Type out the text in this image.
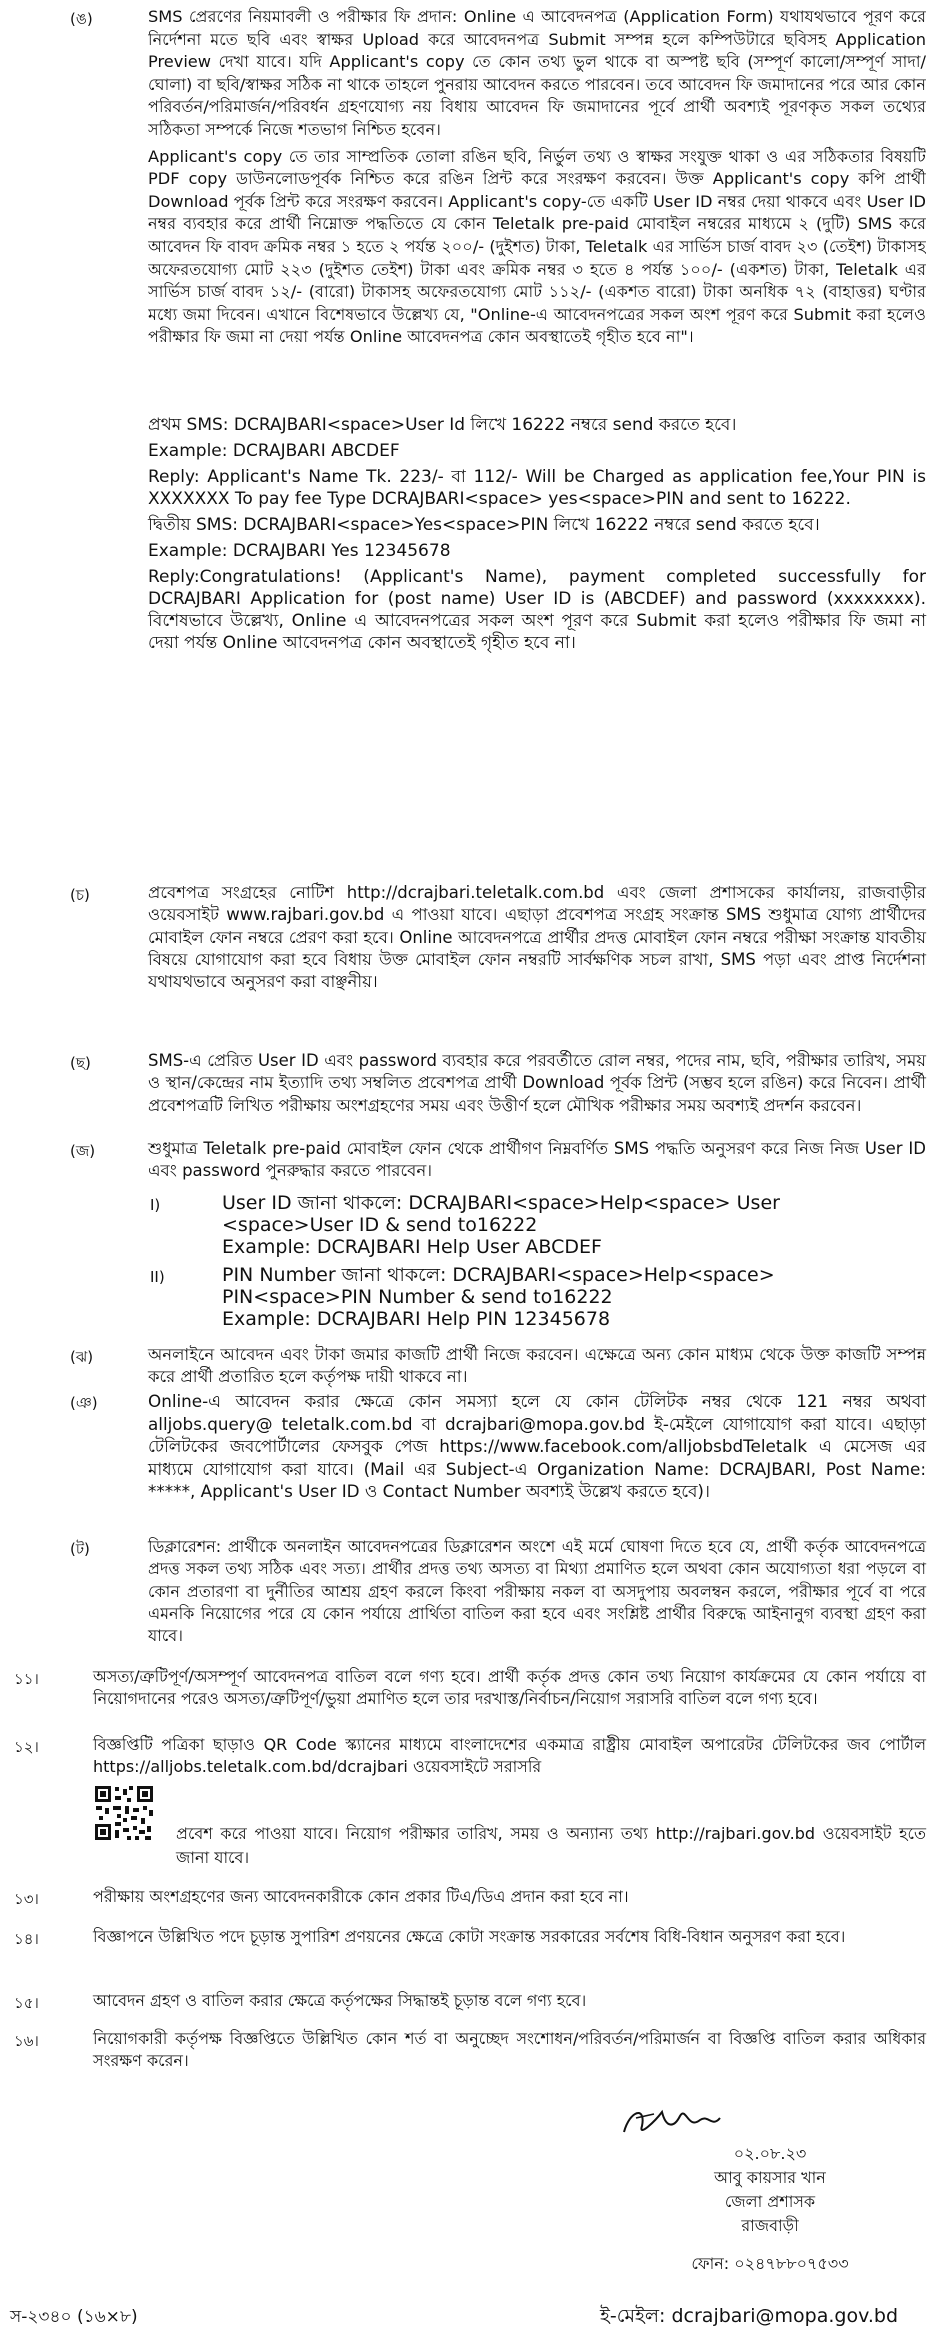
(ঙ)	SMS প্রেরণের নিয়মাবলী ও পরীক্ষার ফি প্রদান: Online এ আবেদনপত্র (Application Form) যথাযথভাবে পূরণ করে নির্দেশনা মতে ছবি এবং স্বাক্ষর Upload করে আবেদনপত্র Submit সম্পন্ন হলে কম্পিউটারে ছবিসহ Application Preview দেখা যাবে। যদি Applicant's copy তে কোন তথ্য ভুল থাকে বা অস্পষ্ট ছবি (সম্পূর্ণ কালো/সম্পূর্ণ সাদা/ঘোলা) বা ছবি/স্বাক্ষর সঠিক না থাকে তাহলে পুনরায় আবেদন করতে পারবেন। তবে আবেদন ফি জমাদানের পরে আর কোন পরিবর্তন/পরিমার্জন/পরিবর্ধন গ্রহণযোগ্য নয় বিধায় আবেদন ফি জমাদানের পূর্বে প্রার্থী অবশ্যই পূরণকৃত সকল তথ্যের সঠিকতা সম্পর্কে নিজে শতভাগ নিশ্চিত হবেন।

Applicant's copy তে তার সাম্প্রতিক তোলা রঙিন ছবি, নির্ভুল তথ্য ও স্বাক্ষর সংযুক্ত থাকা ও এর সঠিকতার বিষয়টি PDF copy ডাউনলোডপূর্বক নিশ্চিত করে রঙিন প্রিন্ট করে সংরক্ষণ করবেন। উক্ত Applicant's copy কপি প্রার্থী Download পূর্বক প্রিন্ট করে সংরক্ষণ করবেন। Applicant's copy-তে একটি User ID নম্বর দেয়া থাকবে এবং User ID নম্বর ব্যবহার করে প্রার্থী নিম্নোক্ত পদ্ধতিতে যে কোন Teletalk pre-paid মোবাইল নম্বরের মাধ্যমে ২ (দুটি) SMS করে আবেদন ফি বাবদ ক্রমিক নম্বর ১ হতে ২ পর্যন্ত ২০০/- (দুইশত) টাকা, Teletalk এর সার্ভিস চার্জ বাবদ ২৩ (তেইশ) টাকাসহ অফেরতযোগ্য মোট ২২৩ (দুইশত তেইশ) টাকা এবং ক্রমিক নম্বর ৩ হতে ৪ পর্যন্ত ১০০/- (একশত) টাকা, Teletalk এর সার্ভিস চার্জ বাবদ ১২/- (বারো) টাকাসহ অফেরতযোগ্য মোট ১১২/- (একশত বারো) টাকা অনধিক ৭২ (বাহাত্তর) ঘণ্টার মধ্যে জমা দিবেন। এখানে বিশেষভাবে উল্লেখ্য যে, "Online-এ আবেদনপত্রের সকল অংশ পূরণ করে Submit করা হলেও পরীক্ষার ফি জমা না দেয়া পর্যন্ত Online আবেদনপত্র কোন অবস্থাতেই গৃহীত হবে না"।

প্রথম SMS: DCRAJBARI<space>User Id লিখে 16222 নম্বরে send করতে হবে।

Example: DCRAJBARI ABCDEF

Reply: Applicant's Name Tk. 223/- বা 112/- Will be Charged as application fee,Your PIN is XXXXXXX To pay fee Type DCRAJBARI<space> yes<space>PIN and sent to 16222.

দ্বিতীয় SMS: DCRAJBARI<space>Yes<space>PIN লিখে 16222 নম্বরে send করতে হবে।

Example: DCRAJBARI Yes 12345678

Reply:Congratulations! (Applicant's Name), payment completed successfully for DCRAJBARI Application for (post name) User ID is (ABCDEF) and password (xxxxxxxx). বিশেষভাবে উল্লেখ্য, Online এ আবেদনপত্রের সকল অংশ পূরণ করে Submit করা হলেও পরীক্ষার ফি জমা না দেয়া পর্যন্ত Online আবেদনপত্র কোন অবস্থাতেই গৃহীত হবে না।

(চ)	প্রবেশপত্র সংগ্রহের নোটিশ http://dcrajbari.teletalk.com.bd এবং জেলা প্রশাসকের কার্যালয়, রাজবাড়ীর ওয়েবসাইট www.rajbari.gov.bd এ পাওয়া যাবে। এছাড়া প্রবেশপত্র সংগ্রহ সংক্রান্ত SMS শুধুমাত্র যোগ্য প্রার্থীদের মোবাইল ফোন নম্বরে প্রেরণ করা হবে। Online আবেদনপত্রে প্রার্থীর প্রদত্ত মোবাইল ফোন নম্বরে পরীক্ষা সংক্রান্ত যাবতীয় বিষয়ে যোগাযোগ করা হবে বিধায় উক্ত মোবাইল ফোন নম্বরটি সার্বক্ষণিক সচল রাখা, SMS পড়া এবং প্রাপ্ত নির্দেশনা যথাযথভাবে অনুসরণ করা বাঞ্ছনীয়।

(ছ)	SMS-এ প্রেরিত User ID এবং password ব্যবহার করে পরবর্তীতে রোল নম্বর, পদের নাম, ছবি, পরীক্ষার তারিখ, সময় ও স্থান/কেন্দ্রের নাম ইত্যাদি তথ্য সম্বলিত প্রবেশপত্র প্রার্থী Download পূর্বক প্রিন্ট (সম্ভব হলে রঙিন) করে নিবেন। প্রার্থী প্রবেশপত্রটি লিখিত পরীক্ষায় অংশগ্রহণের সময় এবং উত্তীর্ণ হলে মৌখিক পরীক্ষার সময় অবশ্যই প্রদর্শন করবেন।

(জ)	শুধুমাত্র Teletalk pre-paid মোবাইল ফোন থেকে প্রার্থীগণ নিম্নবর্ণিত SMS পদ্ধতি অনুসরণ করে নিজ নিজ User ID এবং password পুনরুদ্ধার করতে পারবেন।

I)	User ID জানা থাকলে: DCRAJBARI<space>Help<space> User
<space>User ID & send to16222
Example: DCRAJBARI Help User ABCDEF
II)	PIN Number জানা থাকলে: DCRAJBARI<space>Help<space>
PIN<space>PIN Number & send to16222
Example: DCRAJBARI Help PIN 12345678
(ঝ)	অনলাইনে আবেদন এবং টাকা জমার কাজটি প্রার্থী নিজে করবেন। এক্ষেত্রে অন্য কোন মাধ্যম থেকে উক্ত কাজটি সম্পন্ন করে প্রার্থী প্রতারিত হলে কর্তৃপক্ষ দায়ী থাকবে না।

(ঞ)	Online-এ আবেদন করার ক্ষেত্রে কোন সমস্যা হলে যে কোন টেলিটক নম্বর থেকে 121 নম্বর অথবা alljobs.query@ teletalk.com.bd বা dcrajbari@mopa.gov.bd ই-মেইলে যোগাযোগ করা যাবে। এছাড়া টেলিটকের জবপোর্টালের ফেসবুক পেজ https://www.facebook.com/alljobsbdTeletalk এ মেসেজ এর মাধ্যমে যোগাযোগ করা যাবে। (Mail এর Subject-এ Organization Name: DCRAJBARI, Post Name: *****, Applicant's User ID ও Contact Number অবশ্যই উল্লেখ করতে হবে)।

(ট)	ডিক্লারেশন: প্রার্থীকে অনলাইন আবেদনপত্রের ডিক্লারেশন অংশে এই মর্মে ঘোষণা দিতে হবে যে, প্রার্থী কর্তৃক আবেদনপত্রে প্রদত্ত সকল তথ্য সঠিক এবং সত্য। প্রার্থীর প্রদত্ত তথ্য অসত্য বা মিথ্যা প্রমাণিত হলে অথবা কোন অযোগ্যতা ধরা পড়লে বা কোন প্রতারণা বা দুর্নীতির আশ্রয় গ্রহণ করলে কিংবা পরীক্ষায় নকল বা অসদুপায় অবলম্বন করলে, পরীক্ষার পূর্বে বা পরে এমনকি নিয়োগের পরে যে কোন পর্যায়ে প্রার্থিতা বাতিল করা হবে এবং সংশ্লিষ্ট প্রার্থীর বিরুদ্ধে আইনানুগ ব্যবস্থা গ্রহণ করা যাবে।

১১।	অসত্য/ত্রুটিপূর্ণ/অসম্পূর্ণ আবেদনপত্র বাতিল বলে গণ্য হবে। প্রার্থী কর্তৃক প্রদত্ত কোন তথ্য নিয়োগ কার্যক্রমের যে কোন পর্যায়ে বা নিয়োগদানের পরেও অসত্য/ত্রুটিপূর্ণ/ভুয়া প্রমাণিত হলে তার দরখাস্ত/নির্বাচন/নিয়োগ সরাসরি বাতিল বলে গণ্য হবে।

১২।	বিজ্ঞপ্তিটি পত্রিকা ছাড়াও QR Code স্ক্যানের মাধ্যমে বাংলাদেশের একমাত্র রাষ্ট্রীয় মোবাইল অপারেটর টেলিটকের জব পোর্টাল https://alljobs.teletalk.com.bd/dcrajbari ওয়েবসাইটে সরাসরি

প্রবেশ করে পাওয়া যাবে। নিয়োগ পরীক্ষার তারিখ, সময় ও অন্যান্য তথ্য http://rajbari.gov.bd ওয়েবসাইট হতে জানা যাবে।

১৩।	পরীক্ষায় অংশগ্রহণের জন্য আবেদনকারীকে কোন প্রকার টিএ/ডিএ প্রদান করা হবে না।

১৪।	বিজ্ঞাপনে উল্লিখিত পদে চূড়ান্ত সুপারিশ প্রণয়নের ক্ষেত্রে কোটা সংক্রান্ত সরকারের সর্বশেষ বিধি-বিধান অনুসরণ করা হবে।

১৫।	আবেদন গ্রহণ ও বাতিল করার ক্ষেত্রে কর্তৃপক্ষের সিদ্ধান্তই চূড়ান্ত বলে গণ্য হবে।

১৬।	নিয়োগকারী কর্তৃপক্ষ বিজ্ঞপ্তিতে উল্লিখিত কোন শর্ত বা অনুচ্ছেদ সংশোধন/পরিবর্তন/পরিমার্জন বা বিজ্ঞপ্তি বাতিল করার অধিকার সংরক্ষণ করেন।

০২.০৮.২৩
আবু কায়সার খান
জেলা প্রশাসক
রাজবাড়ী
ফোন: ০২৪৭৮৮০৭৫৩৩
ই-মেইল: dcrajbari@mopa.gov.bd
স-২৩৪০ (১৬×৮)
